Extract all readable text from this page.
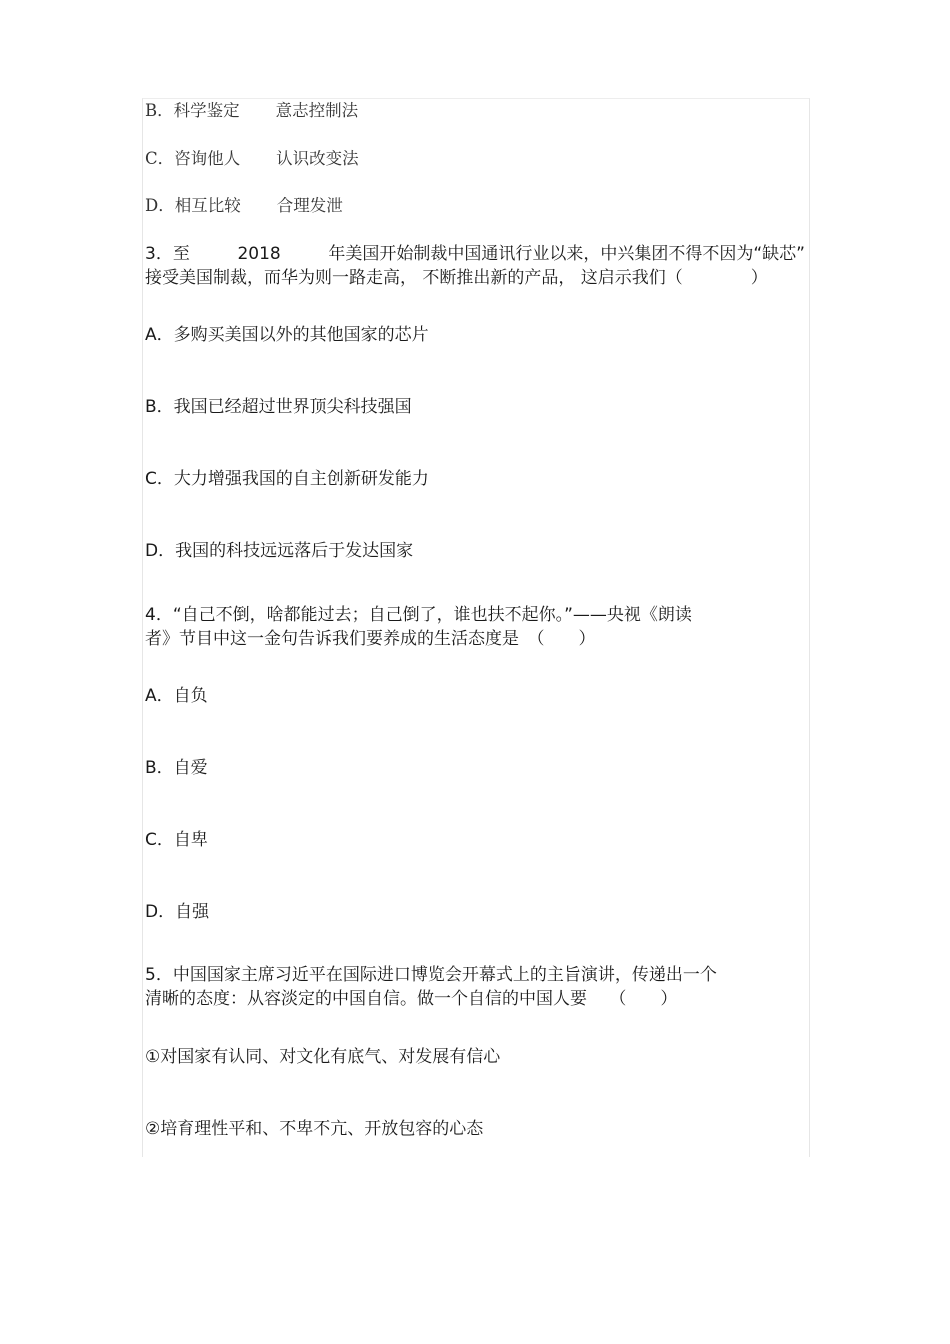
B．科学鉴定 意志控制法
C．咨询他人 认识改变法
D．相互比较 合理发泄
3．至	2018	年美国开始制裁中国通讯行业以来，中兴集团不得不因为“缺芯”
接受美国制裁，而华为则一路走高， 不断推出新的产品， 这启示我们（　　　　）
A．多购买美国以外的其他国家的芯片
B．我国已经超过世界顶尖科技强国
C．大力增强我国的自主创新研发能力
D．我国的科技远远落后于发达国家
4．“自己不倒，啥都能过去；自己倒了，谁也扶不起你。”——央视《朗读
者》节目中这一金句告诉我们要养成的生活态度是　（　　）
A．自负
B．自爱
C．自卑
D．自强
5．中国国家主席习近平在国际进口博览会开幕式上的主旨演讲，传递出一个
清晰的态度：从容淡定的中国自信。做一个自信的中国人要　 （　　）
①对国家有认同、对文化有底气、对发展有信心
②培育理性平和、不卑不亢、开放包容的心态
